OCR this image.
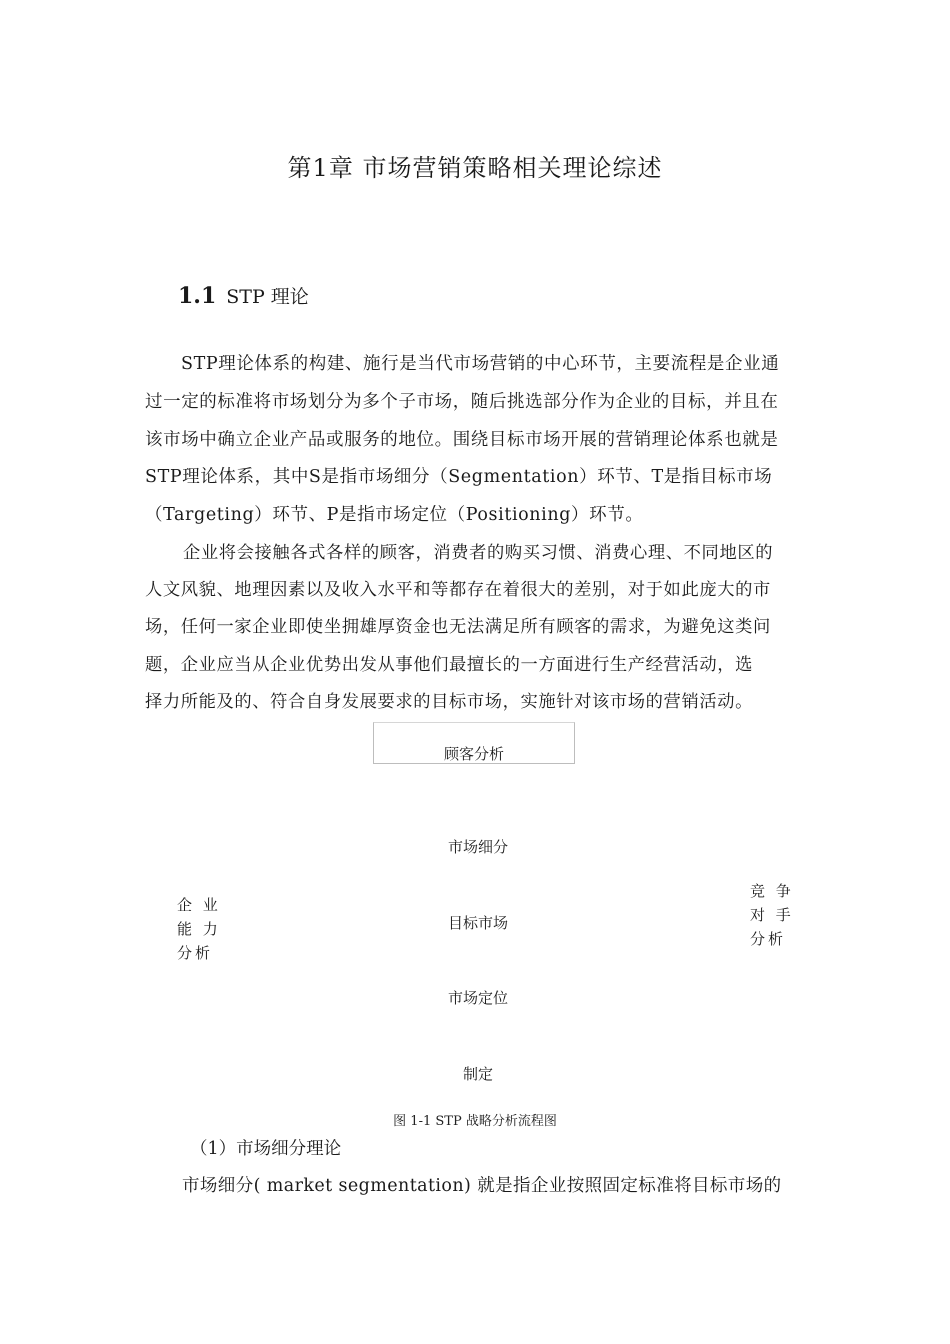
第1章 市场营销策略相关理论综述
1.1 STP 理论
STP理论体系的构建、施行是当代市场营销的中心环节，主要流程是企业通
过一定的标准将市场划分为多个子市场，随后挑选部分作为企业的目标，并且在
该市场中确立企业产品或服务的地位。围绕目标市场开展的营销理论体系也就是
STP理论体系，其中S是指市场细分（Segmentation）环节、T是指目标市场
（Targeting）环节、P是指市场定位（Positioning）环节。
企业将会接触各式各样的顾客，消费者的购买习惯、消费心理、不同地区的
人文风貌、地理因素以及收入水平和等都存在着很大的差别，对于如此庞大的市
场，任何一家企业即使坐拥雄厚资金也无法满足所有顾客的需求，为避免这类问
题，企业应当从企业优势出发从事他们最擅长的一方面进行生产经营活动，选
择力所能及的、符合自身发展要求的目标市场，实施针对该市场的营销活动。
顾客分析
市场细分
目标市场
市场定位
制定
企 业 能 力 分析
竞 争 对 手 分析
图 1-1 STP 战略分析流程图
（1）市场细分理论
市场细分( market segmentation) 就是指企业按照固定标准将目标市场的
